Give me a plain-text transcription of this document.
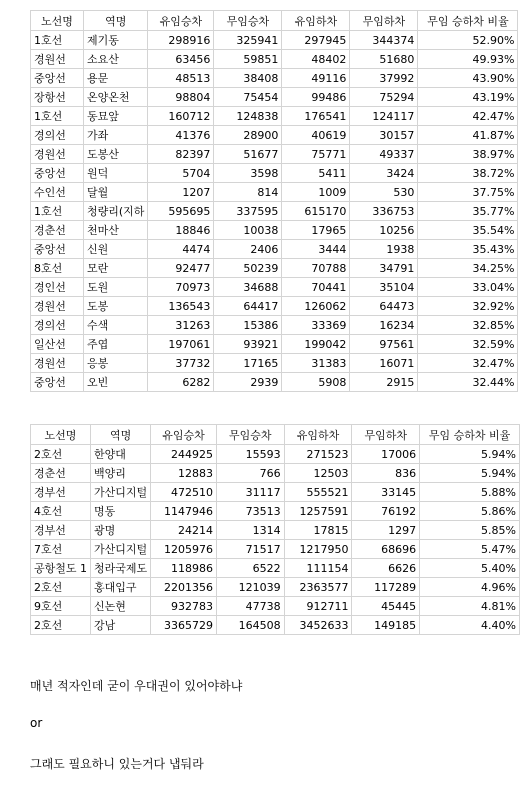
노선명	역명	유임승차	무임승차	유임하차	무임하차	무임 승하차 비율
1호선	제기동	298916	325941	297945	344374	52.90%
경원선	소요산	63456	59851	48402	51680	49.93%
중앙선	용문	48513	38408	49116	37992	43.90%
장항선	온양온천	98804	75454	99486	75294	43.19%
1호선	동묘앞	160712	124838	176541	124117	42.47%
경의선	가좌	41376	28900	40619	30157	41.87%
경원선	도봉산	82397	51677	75771	49337	38.97%
중앙선	원덕	5704	3598	5411	3424	38.72%
수인선	달월	1207	814	1009	530	37.75%
1호선	청량리(지하	595695	337595	615170	336753	35.77%
경춘선	천마산	18846	10038	17965	10256	35.54%
중앙선	신원	4474	2406	3444	1938	35.43%
8호선	모란	92477	50239	70788	34791	34.25%
경인선	도원	70973	34688	70441	35104	33.04%
경원선	도봉	136543	64417	126062	64473	32.92%
경의선	수색	31263	15386	33369	16234	32.85%
일산선	주엽	197061	93921	199042	97561	32.59%
경원선	응봉	37732	17165	31383	16071	32.47%
중앙선	오빈	6282	2939	5908	2915	32.44%
노선명	역명	유임승차	무임승차	유임하차	무임하차	무임 승하차 비율
2호선	한양대	244925	15593	271523	17006	5.94%
경춘선	백양리	12883	766	12503	836	5.94%
경부선	가산디지털	472510	31117	555521	33145	5.88%
4호선	명동	1147946	73513	1257591	76192	5.86%
경부선	광명	24214	1314	17815	1297	5.85%
7호선	가산디지털	1205976	71517	1217950	68696	5.47%
공항철도 1	청라국제도	118986	6522	111154	6626	5.40%
2호선	홍대입구	2201356	121039	2363577	117289	4.96%
9호선	신논현	932783	47738	912711	45445	4.81%
2호선	강남	3365729	164508	3452633	149185	4.40%
매년 적자인데 굳이 우대권이 있어야하냐
or
그래도 필요하니 있는거다 냅둬라
